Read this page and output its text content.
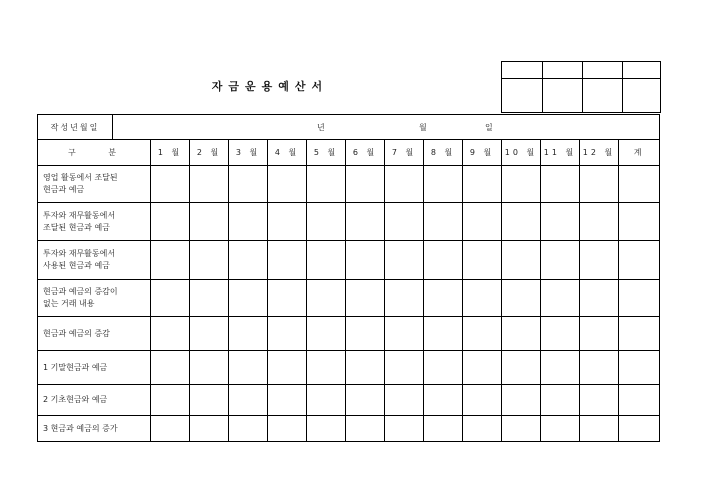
자금운용예산서
작성년월일	년 월 일													

구 분		1 월	2 월	3 월	4 월	5 월	6 월	7 월	8 월	9 월	10 월	11 월	12 월	계

영업 활동에서 조달된
현금과 예금														

투자와 재무활동에서
조달된 현금과 예금														

투자와 재무활동에서
사용된 현금과 예금														

현금과 예금의 증감이
없는 거래 내용														

현금과 예금의 증감														
1 기말현금과 예금														
2 기초현금와 예금														
3 현금과 예금의 증가														
